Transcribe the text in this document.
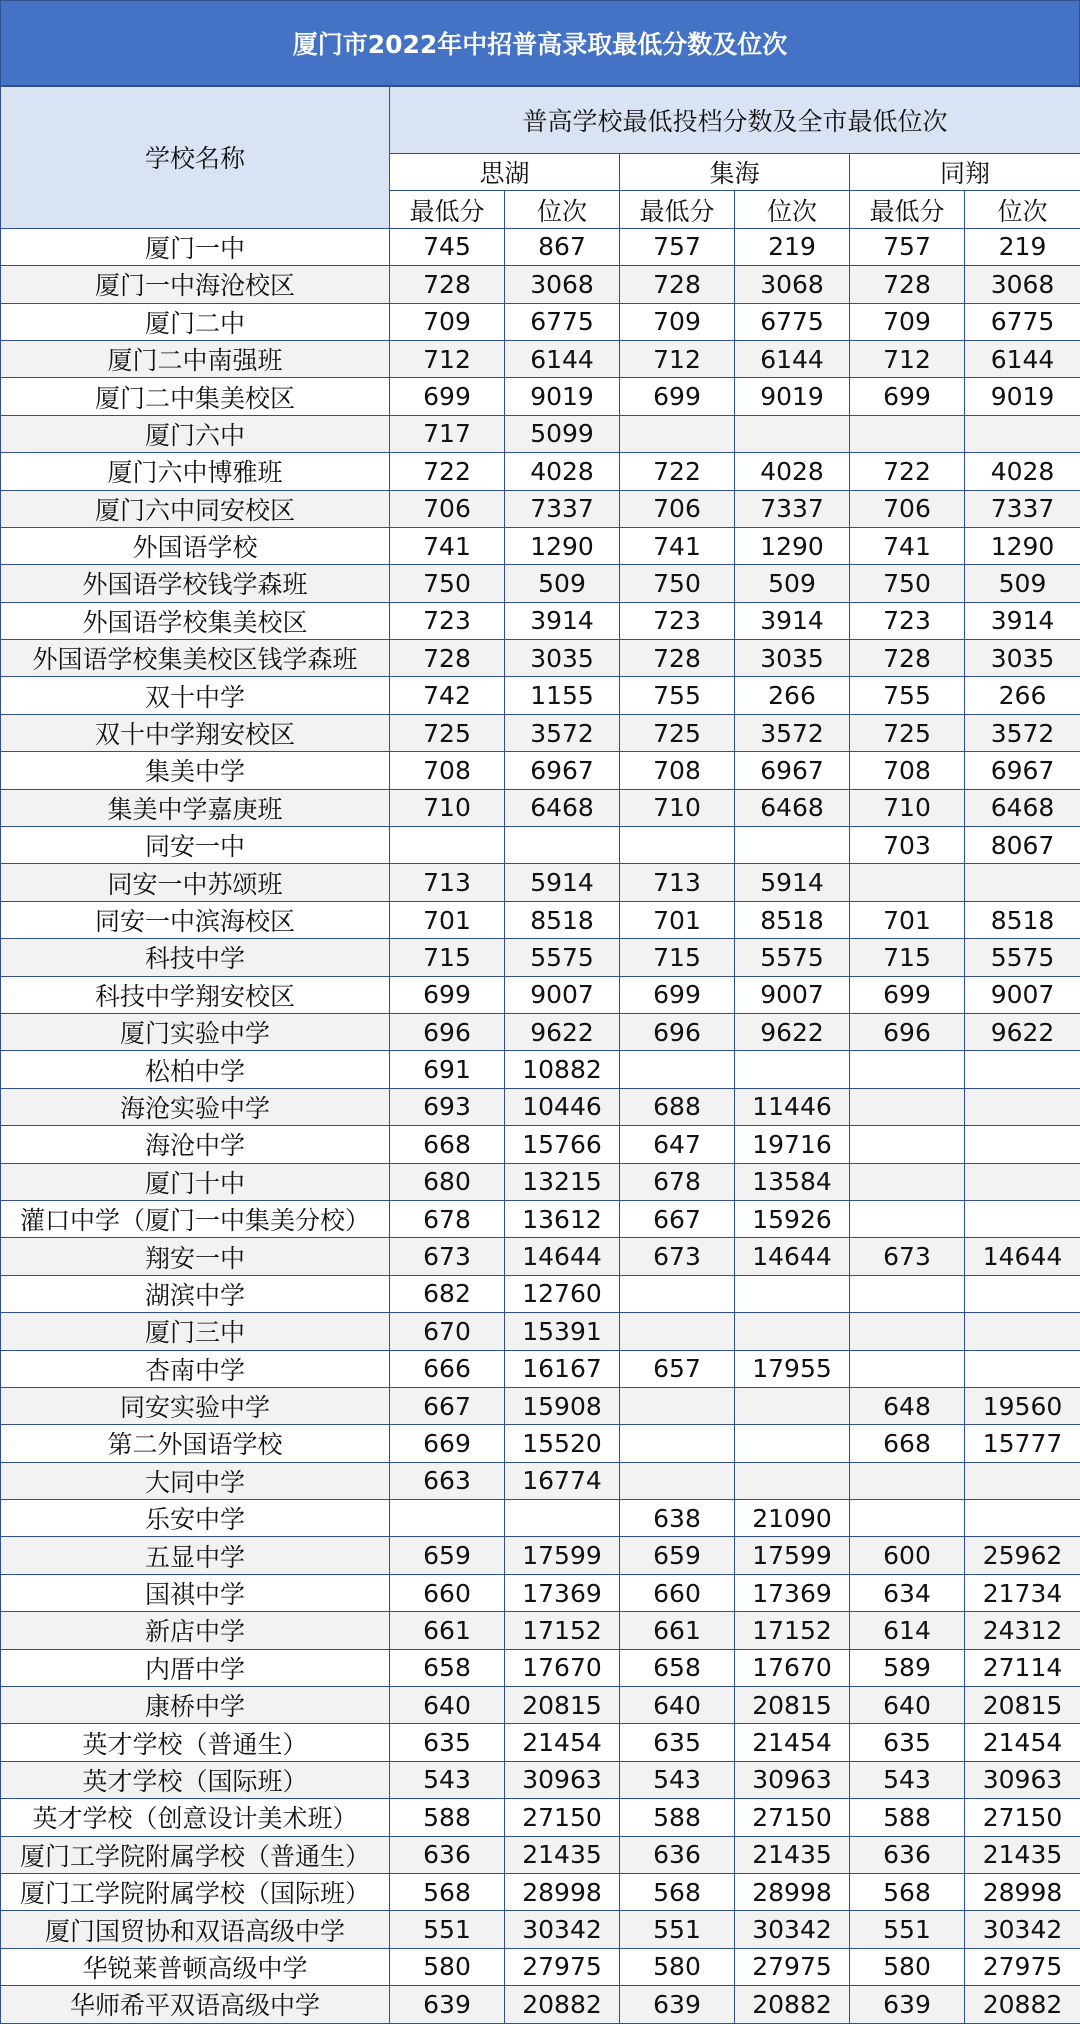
厦门市2022年中招普高录取最低分数及位次
学校名称	普高学校最低投档分数及全市最低位次					
	思湖		集海		同翔	
	最低分	位次	最低分	位次	最低分	位次
厦门一中	745	867	757	219	757	219
厦门一中海沧校区	728	3068	728	3068	728	3068
厦门二中	709	6775	709	6775	709	6775
厦门二中南强班	712	6144	712	6144	712	6144
厦门二中集美校区	699	9019	699	9019	699	9019
厦门六中	717	5099				
厦门六中博雅班	722	4028	722	4028	722	4028
厦门六中同安校区	706	7337	706	7337	706	7337
外国语学校	741	1290	741	1290	741	1290
外国语学校钱学森班	750	509	750	509	750	509
外国语学校集美校区	723	3914	723	3914	723	3914
外国语学校集美校区钱学森班	728	3035	728	3035	728	3035
双十中学	742	1155	755	266	755	266
双十中学翔安校区	725	3572	725	3572	725	3572
集美中学	708	6967	708	6967	708	6967
集美中学嘉庚班	710	6468	710	6468	710	6468
同安一中					703	8067
同安一中苏颂班	713	5914	713	5914		
同安一中滨海校区	701	8518	701	8518	701	8518
科技中学	715	5575	715	5575	715	5575
科技中学翔安校区	699	9007	699	9007	699	9007
厦门实验中学	696	9622	696	9622	696	9622
松柏中学	691	10882				
海沧实验中学	693	10446	688	11446		
海沧中学	668	15766	647	19716		
厦门十中	680	13215	678	13584		
灌口中学（厦门一中集美分校）	678	13612	667	15926		
翔安一中	673	14644	673	14644	673	14644
湖滨中学	682	12760				
厦门三中	670	15391				
杏南中学	666	16167	657	17955		
同安实验中学	667	15908			648	19560
第二外国语学校	669	15520			668	15777
大同中学	663	16774				
乐安中学			638	21090		
五显中学	659	17599	659	17599	600	25962
国祺中学	660	17369	660	17369	634	21734
新店中学	661	17152	661	17152	614	24312
内厝中学	658	17670	658	17670	589	27114
康桥中学	640	20815	640	20815	640	20815
英才学校（普通生）	635	21454	635	21454	635	21454
英才学校（国际班）	543	30963	543	30963	543	30963
英才学校（创意设计美术班）	588	27150	588	27150	588	27150
厦门工学院附属学校（普通生）	636	21435	636	21435	636	21435
厦门工学院附属学校（国际班）	568	28998	568	28998	568	28998
厦门国贸协和双语高级中学	551	30342	551	30342	551	30342
华锐莱普顿高级中学	580	27975	580	27975	580	27975
华师希平双语高级中学	639	20882	639	20882	639	20882
